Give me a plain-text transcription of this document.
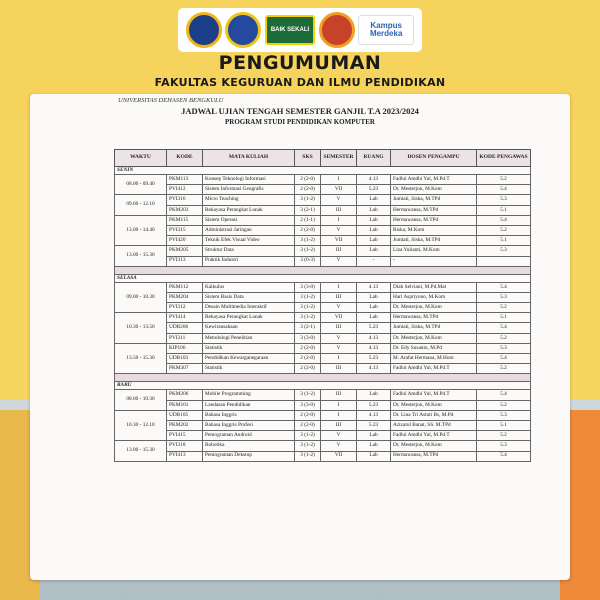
BAIK SEKALI	Kampus Merdeka
PENGUMUMAN
FAKULTAS KEGURUAN DAN ILMU PENDIDIKAN
UNIVERSITAS DEHASEN BENGKULU
JADWAL UJIAN TENGAH SEMESTER GANJIL T.A 2023/2024
PROGRAM STUDI PENDIDIKAN KOMPUTER
WAKTU	KODE	MATA KULIAH	SKS	SEMESTER	RUANG	DOSEN PENGAMPU	KODE PENGAWAS
SENIN							
08.00 - 09.40	PKM113	Konsep Teknologi Informasi	2 (2-0)	I	4.13	Fadlul Amdhi Yul, M.Pd.T	5.2
	PVI412	Sistem Informasi Geografis	2 (2-0)	VII	5.23	Dr. Mesterjon, M.Kom	5.4
09.60 - 12.10	PVI316	Micro Teaching	3 (1-2)	V	Lab	Jumiati, Siska, M.TPd	5.3
	PKM203	Rekayasa Perangkat Lunak	3 (2-1)	III	Lab	Hermawansa, M.TPd	5.1
13.00 - 14.40	PKM115	Sistem Operasi	2 (1-1)	I	Lab	Hermawansa, M.TPd	5.4
	PVI315	Administrasi Jaringan	2 (2-0)	V	Lab	Riska, M.Kom	5.2
	PVI420	Teknik Efek Visual Video	3 (1-2)	VII	Lab	Jumiati, Siska, M.TPd	5.1
13.00 - 15.30	PKM205	Struktur Data	3 (1-2)	III	Lab	Liza Yulianti, M.Kom	5.3
	PVI313	Praktik Industri	3 (0-3)	V	-	-	

SELASA							
09.00 - 10.30	PKM112	Kalkulus	3 (3-0)	I	4.13	Diah Selviani, M.Pd.Mat	5.4
	PKM204	Sistem Basis Data	3 (1-2)	III	Lab	Hari Aspriyono, M.Kom	5.3
	PVI312	Desain Multimedia Interaktif	3 (1-2)	V	Lab	Dr. Mesterjon, M.Kom	5.2
10.30 - 13.50	PVI414	Rekayasa Perangkat Lunak	3 (1-2)	VII	Lab	Hermawansa, M.TPd	5.1
	UDB206	Kewirausahaan	3 (2-1)	III	5.23	Jumiati, Siska, M.TPd	5.4
	PVI311	Metodologi Penelitian	3 (3-0)	V	4.13	Dr. Mesterjon, M.Kom	5.2
13.50 - 15.30	KIP106	Statistik	2 (2-0)	V	4.13	Dr. Edy Susanto, M.Pd	5.3
	UDB103	Pendidikan Kewarganegaraan	2 (2-0)	I	5.23	M. Arafat Hermana, M.Hum	5.4
	PKM307	Statistik	2 (2-0)	III	4.13	Fadlul Amdhi Yul, M.Pd.T	5.2

RABU							
08.00 - 10.30	PKM206	Mobile Programming	3 (1-2)	III	Lab	Fadlul Amdhi Yul, M.Pd.T	5.4
	PKM101	Landasan Pendidikan	3 (3-0)	I	5.23	Dr. Mesterjon, M.Kom	5.2
10.30 - 12.10	UDB105	Bahasa Inggris	2 (2-0)	I	4.13	Dr. Lina Tri Astuti Bs, M.Pd	5.3
	PKM202	Bahasa Inggris Profesi	2 (2-0)	III	5.23	Azizatul Banat, SS. M.TPd	5.1
	PVI415	Pemograman Android	3 (1-2)	V	Lab	Fadlul Amdhi Yul, M.Pd.T	5.2
13.00 - 15.30	PVI318	Robotika	3 (1-2)	V	Lab	Dr. Mesterjon, M.Kom	5.3
	PVI413	Pemograman Dekstop	3 (1-2)	VII	Lab	Hermawansa, M.TPd	5.4
